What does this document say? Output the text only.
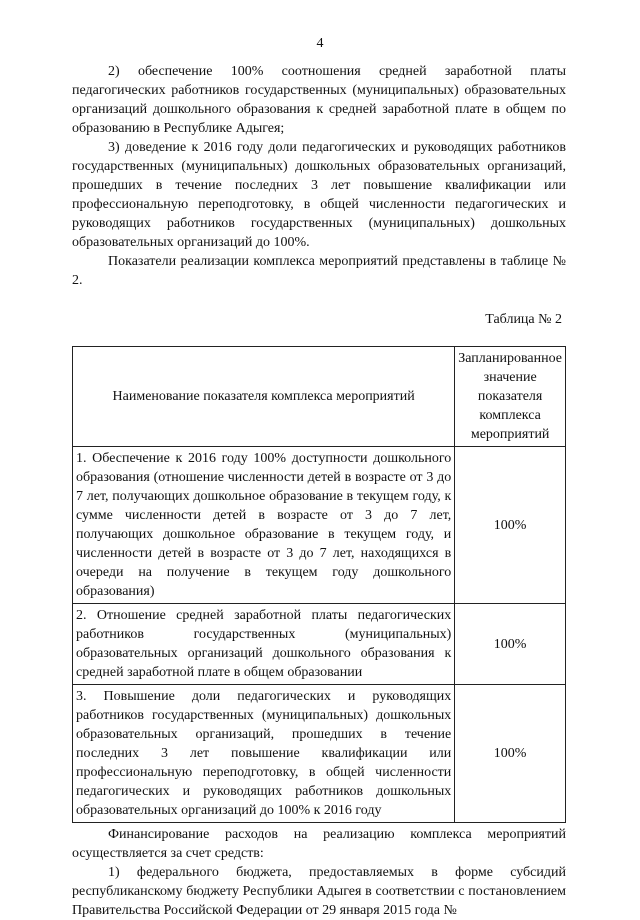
4

2) обеспечение 100% соотношения средней заработной платы педагогических работников государственных (муниципальных) образовательных организаций дошкольного образования к средней заработной плате в общем по образованию в Республике Адыгея;

3) доведение к 2016 году доли педагогических и руководящих работников государственных (муниципальных) дошкольных образовательных организаций, прошедших в течение последних 3 лет повышение квалификации или профессиональную переподготовку, в общей численности педагогических и руководящих работников государственных (муниципальных) дошкольных образовательных организаций до 100%.

Показатели реализации комплекса мероприятий представлены в таблице № 2.

Таблица № 2
Наименование показателя комплекса мероприятий	Запланированное значение показателя комплекса мероприятий
1. Обеспечение к 2016 году 100% доступности дошкольного образования (отношение численности детей в возрасте от 3 до 7 лет, получающих дошкольное образование в текущем году, к сумме численности детей в возрасте от 3 до 7 лет, получающих дошкольное образование в текущем году, и численности детей в возрасте от 3 до 7 лет, находящихся в очереди на получение в текущем году дошкольного образования)	100%
2. Отношение средней заработной платы педагогических работников государственных (муниципальных) образовательных организаций дошкольного образования к средней заработной плате в общем образовании	100%
3. Повышение доли педагогических и руководящих работников государственных (муниципальных) дошкольных образовательных организаций, прошедших в течение последних 3 лет повышение квалификации или профессиональную переподготовку, в общей численности педагогических и руководящих работников дошкольных образовательных организаций до 100% к 2016 году	100%

Финансирование расходов на реализацию комплекса мероприятий осуществляется за счет средств:

1) федерального бюджета, предоставляемых в форме субсидий республиканскому бюджету Республики Адыгея в соответствии с постановлением Правительства Российской Федерации от 29 января 2015 года №
